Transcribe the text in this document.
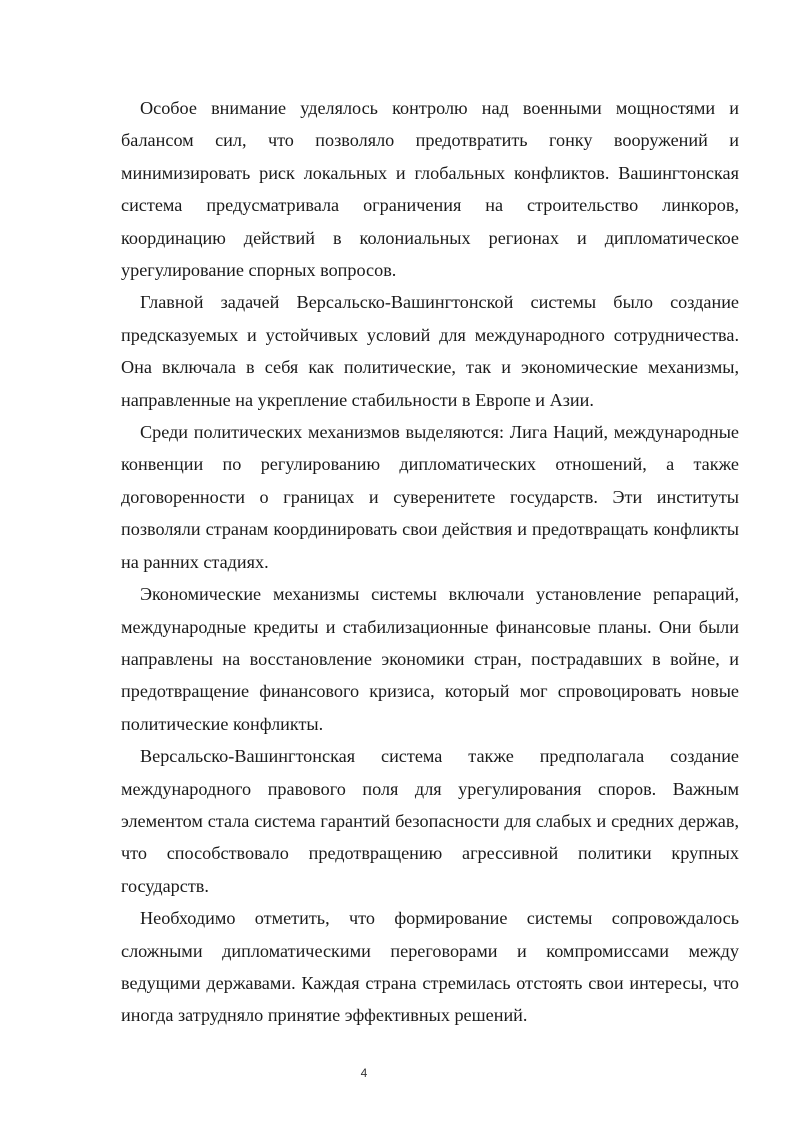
Особое внимание уделялось контролю над военными мощностями и балансом сил, что позволяло предотвратить гонку вооружений и минимизировать риск локальных и глобальных конфликтов. Вашингтонская система предусматривала ограничения на строительство линкоров, координацию действий в колониальных регионах и дипломатическое урегулирование спорных вопросов.

Главной задачей Версальско-Вашингтонской системы было создание предсказуемых и устойчивых условий для международного сотрудничества. Она включала в себя как политические, так и экономические механизмы, направленные на укрепление стабильности в Европе и Азии.

Среди политических механизмов выделяются: Лига Наций, международные конвенции по регулированию дипломатических отношений, а также договоренности о границах и суверенитете государств. Эти институты позволяли странам координировать свои действия и предотвращать конфликты на ранних стадиях.

Экономические механизмы системы включали установление репараций, международные кредиты и стабилизационные финансовые планы. Они были направлены на восстановление экономики стран, пострадавших в войне, и предотвращение финансового кризиса, который мог спровоцировать новые политические конфликты.

Версальско-Вашингтонская система также предполагала создание международного правового поля для урегулирования споров. Важным элементом стала система гарантий безопасности для слабых и средних держав, что способствовало предотвращению агрессивной политики крупных государств.

Необходимо отметить, что формирование системы сопровождалось сложными дипломатическими переговорами и компромиссами между ведущими державами. Каждая страна стремилась отстоять свои интересы, что иногда затрудняло принятие эффективных решений.

4
